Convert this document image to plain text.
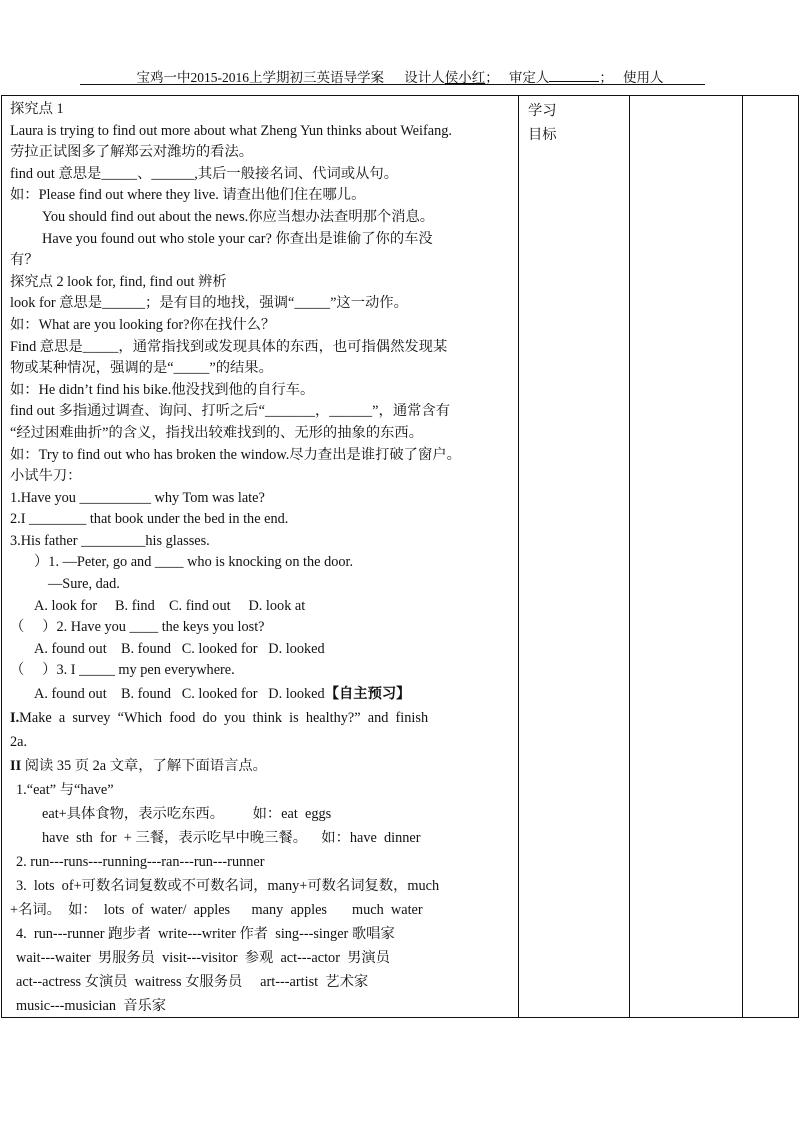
宝鸡一中2015-2016上学期初三英语导学案 设计人侯小红；   审定人	；   使用人
探究点 1
Laura is trying to find out more about what Zheng Yun thinks about Weifang.
劳拉正试图多了解郑云对潍坊的看法。
find out 意思是_____、______,其后一般接名词、代词或从句。
如：Please find out where they live. 请查出他们住在哪儿。
You should find out about the news.你应当想办法查明那个消息。
Have you found out who stole your car? 你查出是谁偷了你的车没
有？
探究点 2 look for, find, find out 辨析
look for 意思是______；是有目的地找，强调“_____”这一动作。
如：What are you looking for?你在找什么？
Find 意思是_____，通常指找到或发现具体的东西，也可指偶然发现某
物或某种情况，强调的是“_____”的结果。
如：He didn’t find his bike.他没找到他的自行车。
find out 多指通过调查、询问、打听之后“_______，______”，通常含有
“经过困难曲折”的含义，指找出较难找到的、无形的抽象的东西。
如：Try to find out who has broken the window.尽力查出是谁打破了窗户。
小试牛刀：
1.Have you __________ why Tom was late?
2.I ________ that book under the bed in the end.
3.His father _________his glasses.
）1. —Peter, go and ____ who is knocking on the door.
—Sure, dad.
A. look for     B. find    C. find out     D. look at
（     ）2. Have you ____ the keys you lost?
A. found out    B. found   C. looked for   D. looked
（     ）3. I _____ my pen everywhere.
A. found out    B. found   C. looked for   D. looked【自主预习】
I.Make  a  survey  “Which  food  do  you  think  is  healthy?”  and  finish
2a.
II 阅读 35 页 2a 文章，了解下面语言点。
1.“eat” 与“have”
eat+具体食物，表示吃东西。        如：eat  eggs
have  sth  for  + 三餐，表示吃早中晚三餐。    如：have  dinner
2. run---runs---running---ran---run---runner
3.  lots  of+可数名词复数或不可数名词，many+可数名词复数，much
+名词。  如：  lots  of  water/  apples      many  apples       much  water
4.  run---runner 跑步者  write---writer 作者  sing---singer 歌唱家
wait---waiter  男服务员  visit---visitor  参观  act---actor  男演员
act--actress 女演员  waitress 女服务员     art---artist  艺术家
music---musician  音乐家
学习
目标
